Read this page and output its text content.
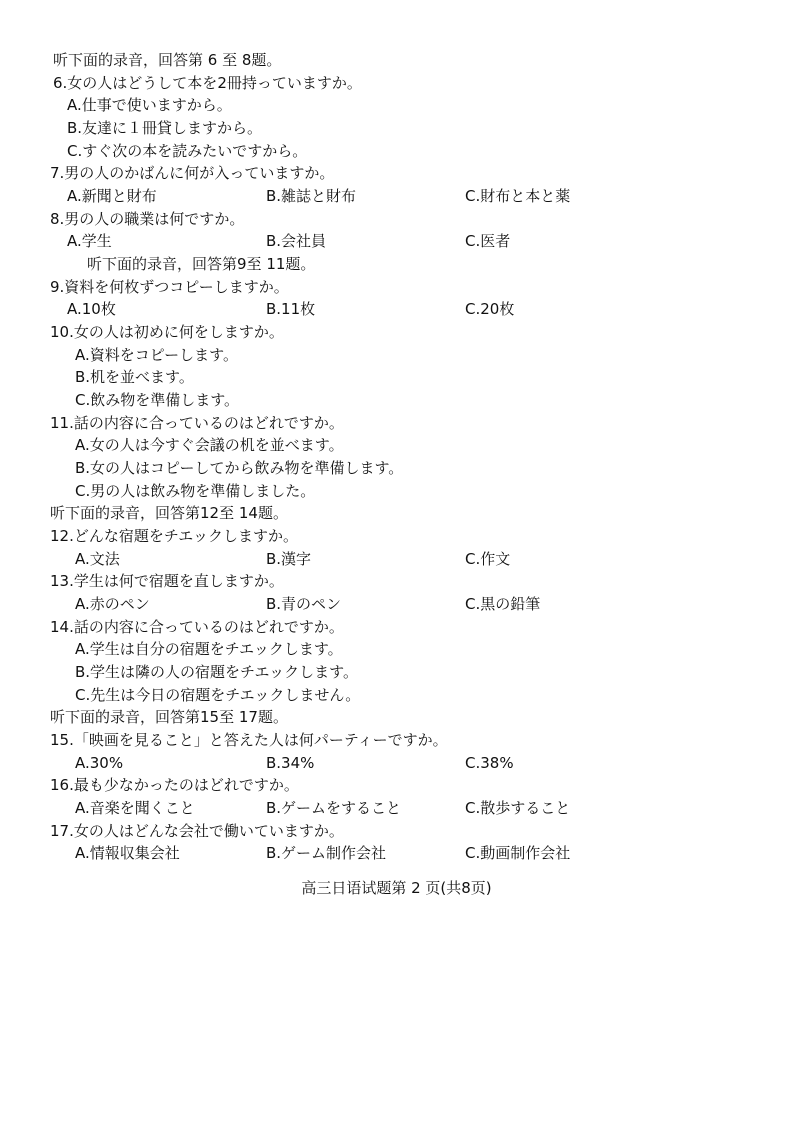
听下面的录音，回答第 6 至 8题。
6.女の人はどうして本を2冊持っていますか。
A.仕事で使いますから。
B.友達に１冊貸しますから。
C.すぐ次の本を読みたいですから。
7.男の人のかばんに何が入っていますか。
A.新聞と財布	B.雑誌と財布	C.財布と本と薬
8.男の人の職業は何ですか。
A.学生	B.会社員	C.医者
听下面的录音，回答第9至 11题。
9.資料を何枚ずつコピーしますか。
A.10枚	B.11枚	C.20枚
10.女の人は初めに何をしますか。
A.資料をコピーします。
B.机を並べます。
C.飲み物を準備します。
11.話の内容に合っているのはどれですか。
A.女の人は今すぐ会議の机を並べます。
B.女の人はコピーしてから飲み物を準備します。
C.男の人は飲み物を準備しました。
听下面的录音，回答第12至 14题。
12.どんな宿題をチエックしますか。
A.文法	B.漢字	C.作文
13.学生は何で宿題を直しますか。
A.赤のペン	B.青のペン	C.黒の鉛筆
14.話の内容に合っているのはどれですか。
A.学生は自分の宿題をチエックします。
B.学生は隣の人の宿題をチエックします。
C.先生は今日の宿題をチエックしません。
听下面的录音，回答第15至 17题。
15.「映画を見ること」と答えた人は何パーティーですか。
A.30%	B.34%	C.38%
16.最も少なかったのはどれですか。
A.音楽を聞くこと	B.ゲームをすること	C.散歩すること
17.女の人はどんな会社で働いていますか。
A.情報収集会社	B.ゲーム制作会社	C.動画制作会社
高三日语试题第 2 页(共8页)
